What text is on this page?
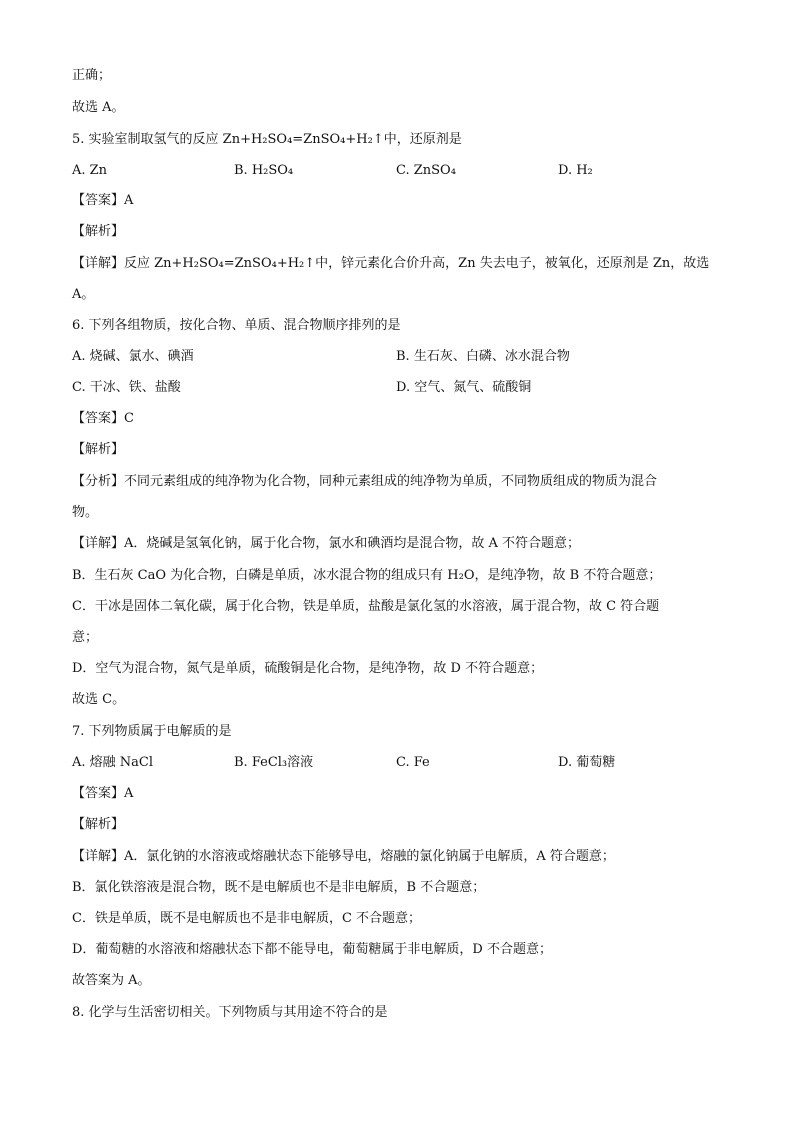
正确；
故选 A。
5. 实验室制取氢气的反应 Zn+H₂SO₄=ZnSO₄+H₂↑中，还原剂是
A. Zn	B. H₂SO₄	C. ZnSO₄	D. H₂
【答案】A
【解析】
【详解】反应 Zn+H₂SO₄=ZnSO₄+H₂↑中，锌元素化合价升高，Zn 失去电子，被氧化，还原剂是 Zn，故选
A。
6. 下列各组物质，按化合物、单质、混合物顺序排列的是
A. 烧碱、氯水、碘酒	B. 生石灰、白磷、冰水混合物
C. 干冰、铁、盐酸	D. 空气、氮气、硫酸铜
【答案】C
【解析】
【分析】不同元素组成的纯净物为化合物，同种元素组成的纯净物为单质，不同物质组成的物质为混合
物。
【详解】A．烧碱是氢氧化钠，属于化合物，氯水和碘酒均是混合物，故 A 不符合题意；
B．生石灰 CaO 为化合物，白磷是单质，冰水混合物的组成只有 H₂O，是纯净物，故 B 不符合题意；
C．干冰是固体二氧化碳，属于化合物，铁是单质，盐酸是氯化氢的水溶液，属于混合物，故 C 符合题
意；
D．空气为混合物，氮气是单质，硫酸铜是化合物，是纯净物，故 D 不符合题意；
故选 C。
7. 下列物质属于电解质的是
A. 熔融 NaCl	B. FeCl₃溶液	C. Fe	D. 葡萄糖
【答案】A
【解析】
【详解】A．氯化钠的水溶液或熔融状态下能够导电，熔融的氯化钠属于电解质，A 符合题意；
B．氯化铁溶液是混合物，既不是电解质也不是非电解质，B 不合题意；
C．铁是单质，既不是电解质也不是非电解质，C 不合题意；
D．葡萄糖的水溶液和熔融状态下都不能导电，葡萄糖属于非电解质，D 不合题意；
故答案为 A。
8. 化学与生活密切相关。下列物质与其用途不符合的是
